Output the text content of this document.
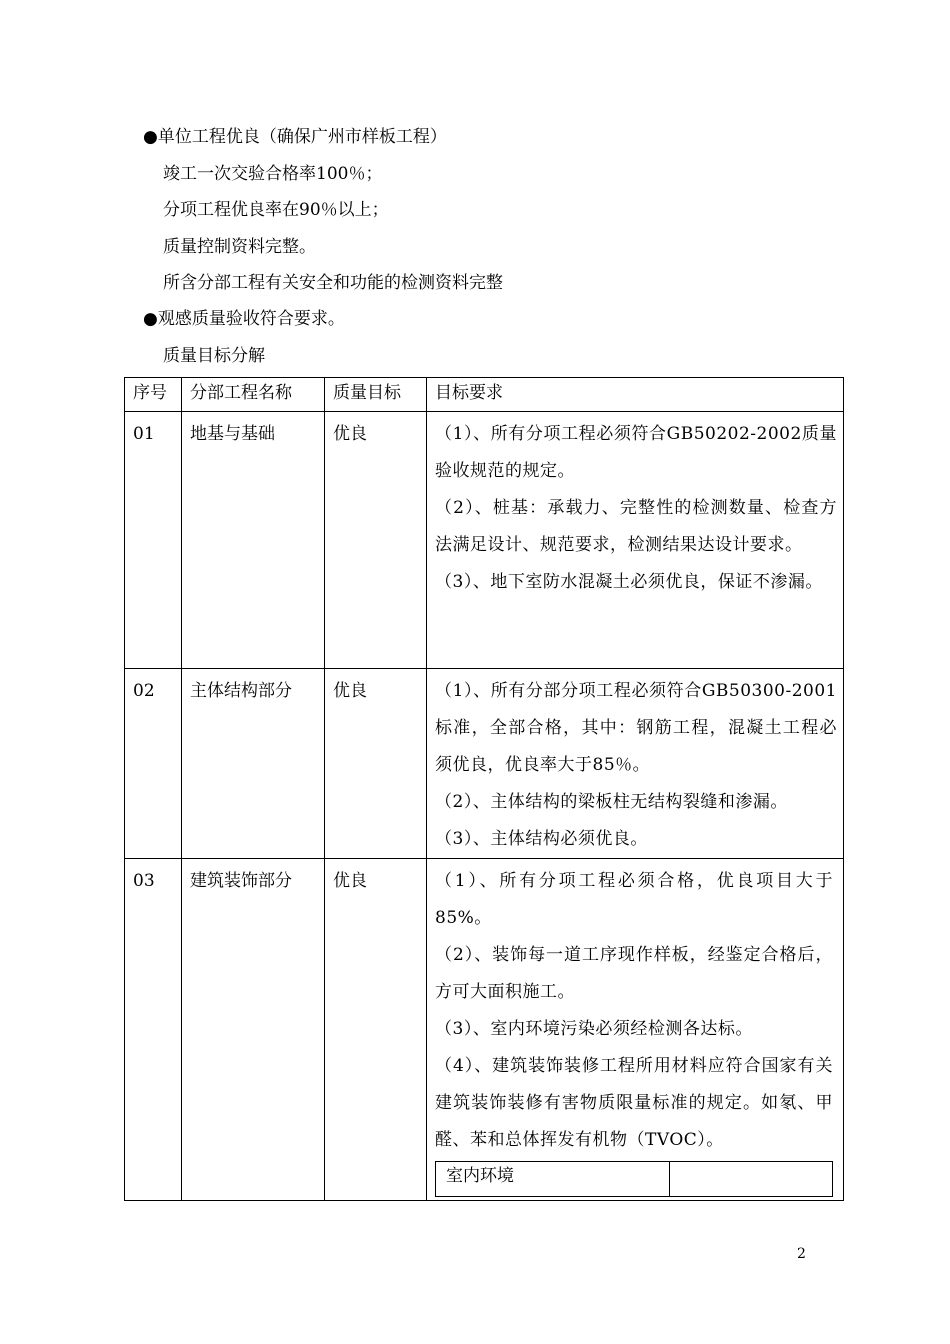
●单位工程优良（确保广州市样板工程）
竣工一次交验合格率100％；
分项工程优良率在90％以上；
质量控制资料完整。
所含分部工程有关安全和功能的检测资料完整
●观感质量验收符合要求。
质量目标分解
序号	分部工程名称	质量目标	目标要求
01	地基与基础	优良	（1）、所有分项工程必须符合GB50202-2002质量验收规范的规定。

（2）、桩基：承载力、完整性的检测数量、检查方法满足设计、规范要求，检测结果达设计要求。

（3）、地下室防水混凝土必须优良，保证不渗漏。

02	主体结构部分	优良	（1）、所有分部分项工程必须符合GB50300-2001标准，全部合格，其中：钢筋工程，混凝土工程必须优良，优良率大于85％。

（2）、主体结构的梁板柱无结构裂缝和渗漏。

（3）、主体结构必须优良。

03	建筑装饰部分	优良	（1）、所有分项工程必须合格，优良项目大于85%。

（2）、装饰每一道工序现作样板，经鉴定合格后，方可大面积施工。

（3）、室内环境污染必须经检测各达标。

（4）、建筑装饰装修工程所用材料应符合国家有关建筑装饰装修有害物质限量标准的规定。如氡、甲醛、苯和总体挥发有机物（TVOC）。

室内环境	
2
